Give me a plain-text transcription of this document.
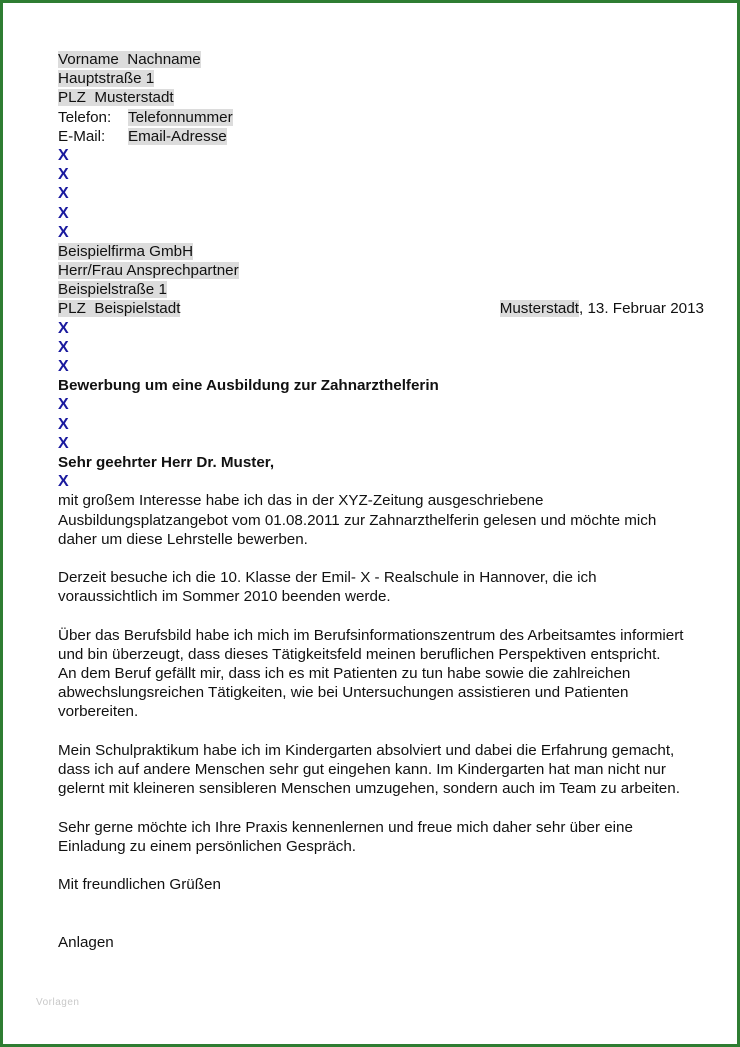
Vorname Nachname
Hauptstraße 1
PLZ Musterstadt
Telefon: Telefonnummer
E-Mail: Email-Adresse
X
X
X
X
X
Beispielfirma GmbH
Herr/Frau Ansprechpartner
Beispielstraße 1
PLZ Beispielstadt	Musterstadt, 13. Februar 2013
X
X
X
Bewerbung um eine Ausbildung zur Zahnarzthelferin
X
X
X
Sehr geehrter Herr Dr. Muster,
X

mit großem Interesse habe ich das in der XYZ-Zeitung ausgeschriebene

Ausbildungsplatzangebot vom 01.08.2011 zur Zahnarzthelferin gelesen und möchte mich

daher um diese Lehrstelle bewerben.

Derzeit besuche ich die 10. Klasse der Emil- X - Realschule in Hannover, die ich

voraussichtlich im Sommer 2010 beenden werde.

Über das Berufsbild habe ich mich im Berufsinformationszentrum des Arbeitsamtes informiert

und bin überzeugt, dass dieses Tätigkeitsfeld meinen beruflichen Perspektiven entspricht.

An dem Beruf gefällt mir, dass ich es mit Patienten zu tun habe sowie die zahlreichen

abwechslungsreichen Tätigkeiten, wie bei Untersuchungen assistieren und Patienten

vorbereiten.

Mein Schulpraktikum habe ich im Kindergarten absolviert und dabei die Erfahrung gemacht,

dass ich auf andere Menschen sehr gut eingehen kann. Im Kindergarten hat man nicht nur

gelernt mit kleineren sensibleren Menschen umzugehen, sondern auch im Team zu arbeiten.

Sehr gerne möchte ich Ihre Praxis kennenlernen und freue mich daher sehr über eine

Einladung zu einem persönlichen Gespräch.

Mit freundlichen Grüßen
Anlagen
Vorlagen
